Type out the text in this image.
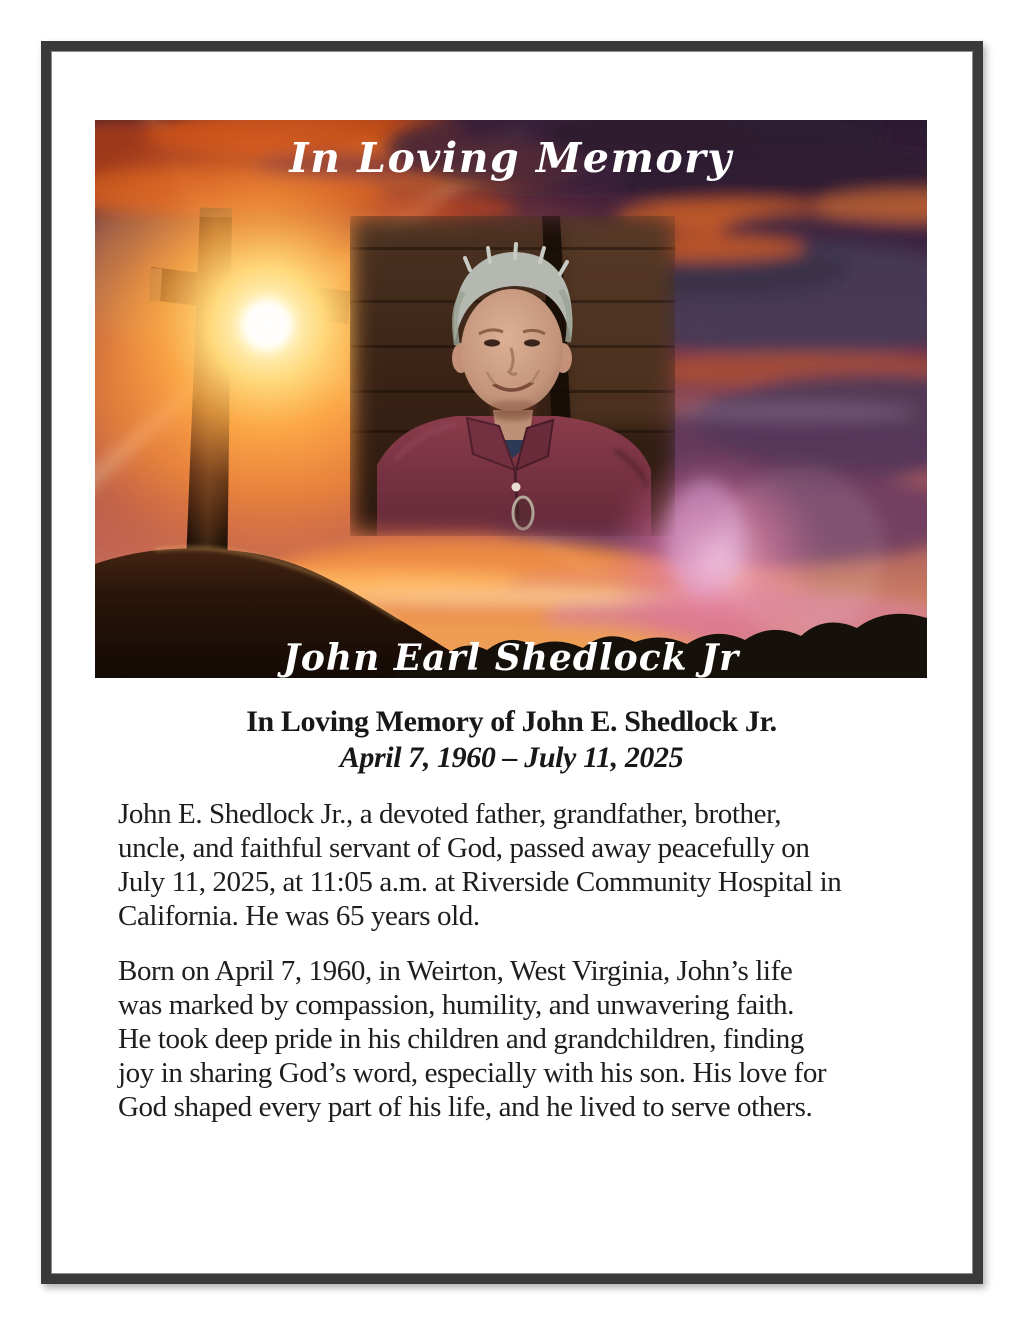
In Loving Memory
John Earl Shedlock Jr
In Loving Memory of John E. Shedlock Jr.
April 7, 1960 – July 11, 2025
John E. Shedlock Jr., a devoted father, grandfather, brother,
uncle, and faithful servant of God, passed away peacefully on
July 11, 2025, at 11:05 a.m. at Riverside Community Hospital in
California. He was 65 years old.
Born on April 7, 1960, in Weirton, West Virginia, John’s life
was marked by compassion, humility, and unwavering faith.
He took deep pride in his children and grandchildren, finding
joy in sharing God’s word, especially with his son. His love for
God shaped every part of his life, and he lived to serve others.
